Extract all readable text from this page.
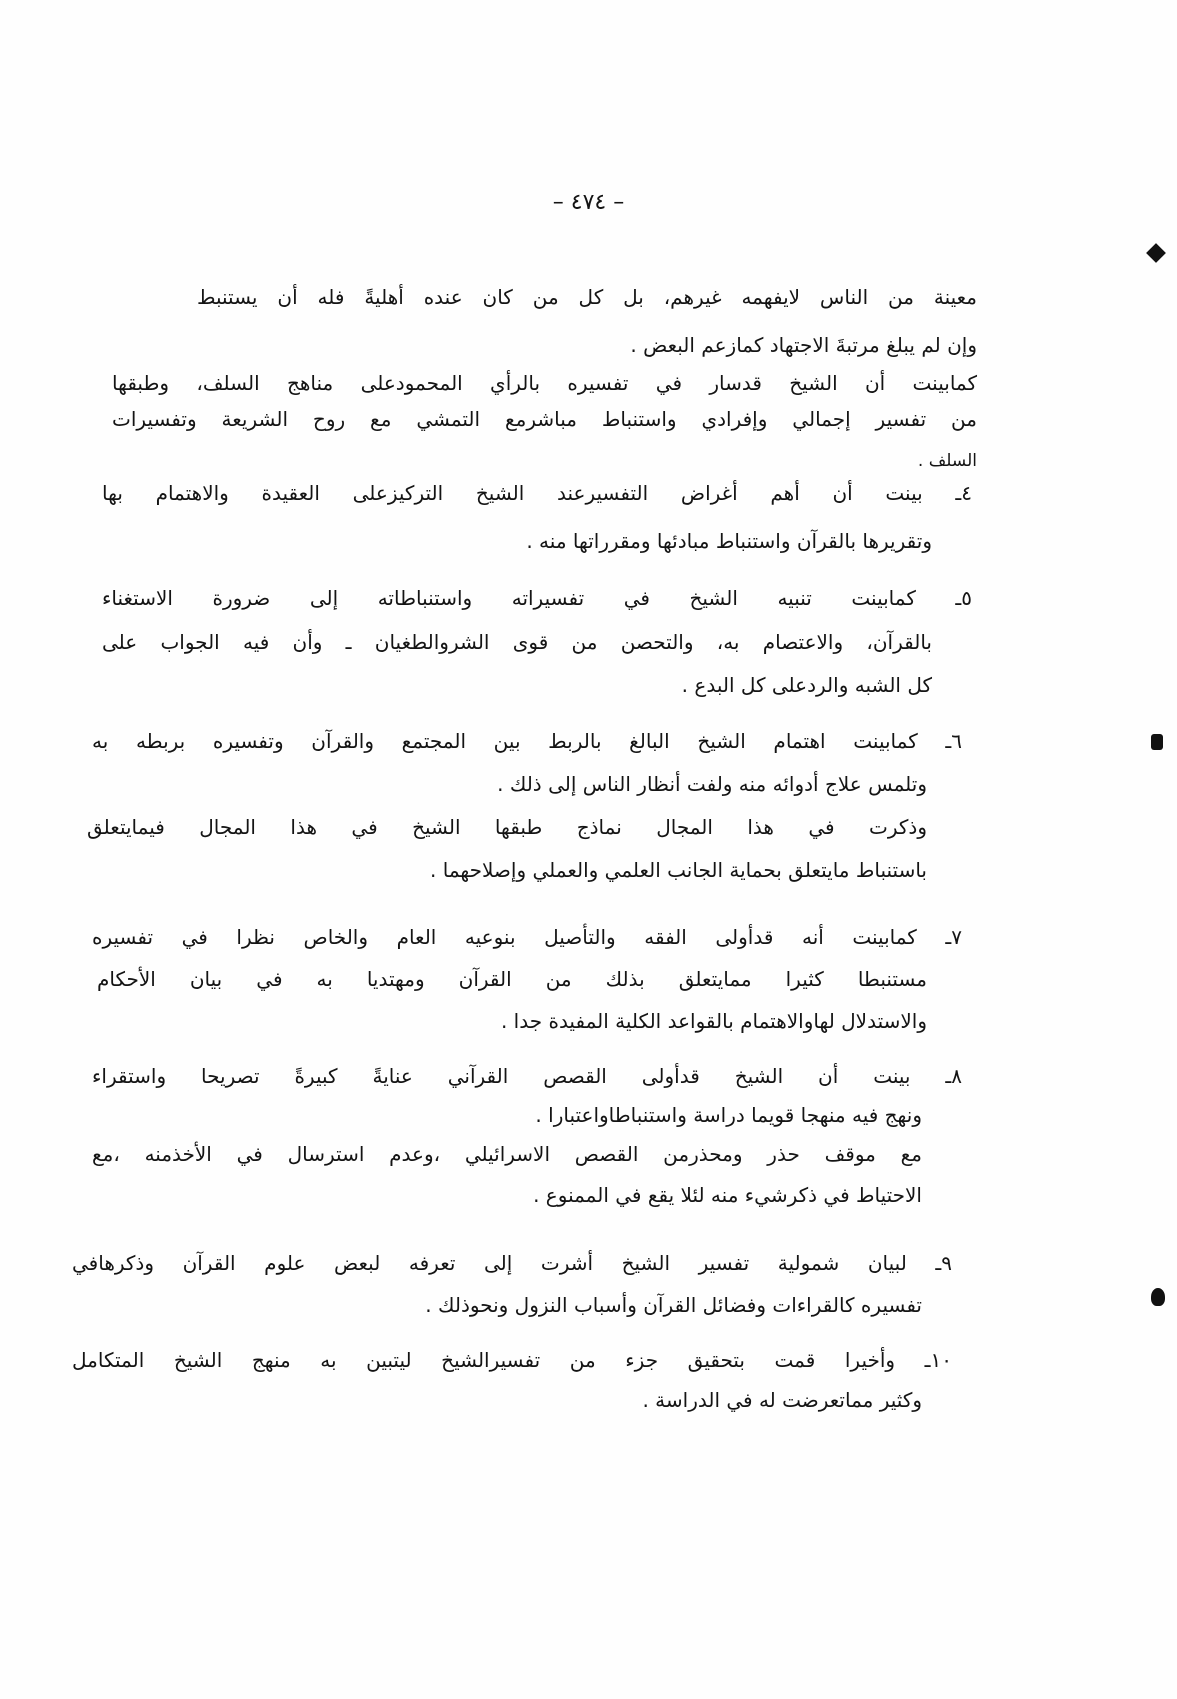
– ٤٧٤ –
معينة من الناس لايفهمه غيرهم، بل كل من كان عنده أهليةً فله أن يستنبط
وإن لم يبلغ مرتبةَ الاجتهاد كمازعم البعض .
كمابينت أن الشيخ قدسار في تفسيره بالرأي المحمودعلى مناهج السلف، وطبقها
من تفسير إجمالي وإفرادي واستنباط مباشرمع التمشي مع روح الشريعة وتفسيرات
السلف .
٤ـ بينت أن أهم أغراض التفسيرعند الشيخ التركيزعلى العقيدة والاهتمام بها
وتقريرها بالقرآن واستنباط مبادئها ومقرراتها منه .
٥ـ كمابينت تنبيه الشيخ في تفسيراته واستنباطاته إلى ضرورة الاستغناء
بالقرآن، والاعتصام به، والتحصن من قوى الشروالطغيان ـ وأن فيه الجواب على
كل الشبه والردعلى كل البدع .
٦ـ كمابينت اهتمام الشيخ البالغ بالربط بين المجتمع والقرآن وتفسيره بربطه به
وتلمس علاج أدوائه منه ولفت أنظار الناس إلى ذلك .
وذكرت في هذا المجال نماذج طبقها الشيخ في هذا المجال فيمايتعلق
باستنباط مايتعلق بحماية الجانب العلمي والعملي وإصلاحهما .
٧ـ كمابينت أنه قدأولى الفقه والتأصيل بنوعيه العام والخاص نظرا في تفسيره
مستنبطا كثيرا ممايتعلق بذلك من القرآن ومهتديا به في بيان الأحكام
والاستدلال لهاوالاهتمام بالقواعد الكلية المفيدة جدا .
٨ـ بينت أن الشيخ قدأولى القصص القرآني عنايةً كبيرةً تصريحا واستقراء
ونهج فيه منهجا قويما دراسة واستنباطاواعتبارا .
مع موقف حذر ومحذرمن القصص الاسرائيلي ،وعدم استرسال في الأخذمنه ،مع
الاحتياط في ذكرشيء منه لئلا يقع في الممنوع .
٩ـ لبيان شمولية تفسير الشيخ أشرت إلى تعرفه لبعض علوم القرآن وذكرهافي
تفسيره كالقراءات وفضائل القرآن وأسباب النزول ونحوذلك .
١٠ـ وأخيرا قمت بتحقيق جزء من تفسيرالشيخ ليتبين به منهج الشيخ المتكامل
وكثير مماتعرضت له في الدراسة .
